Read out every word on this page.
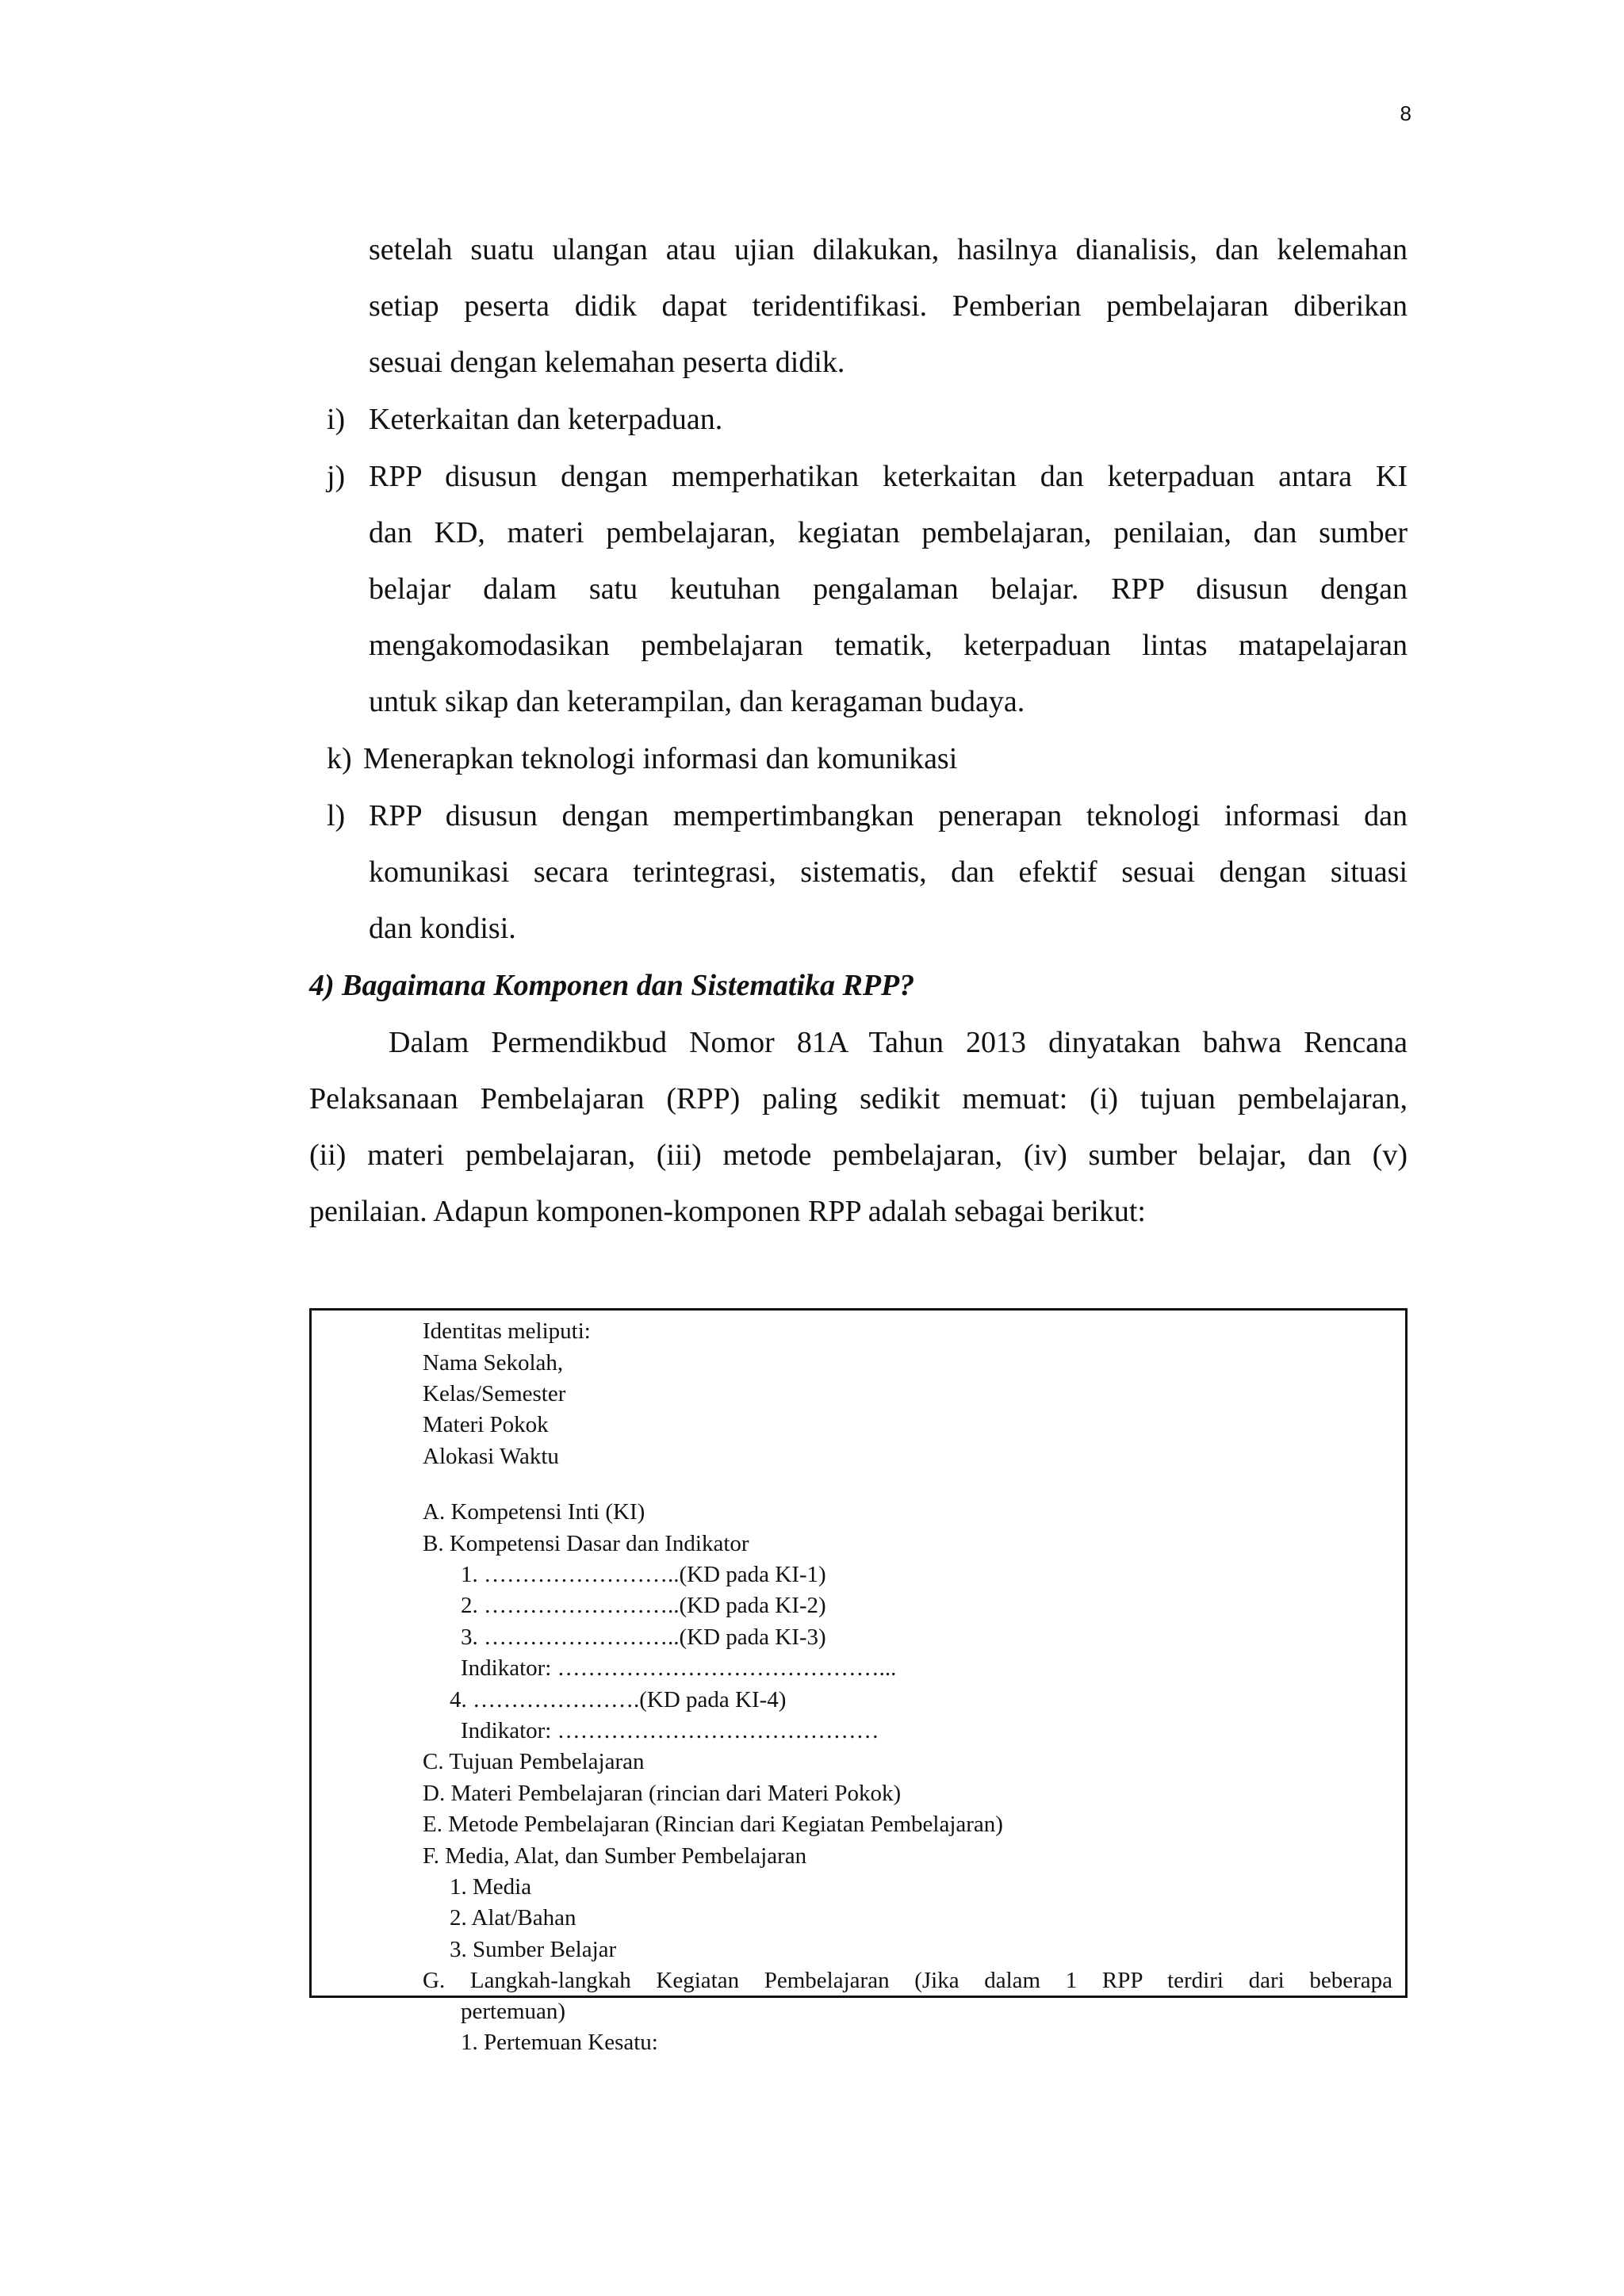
8
setelah suatu ulangan atau ujian dilakukan, hasilnya dianalisis, dan kelemahan
setiap peserta didik dapat teridentifikasi. Pemberian pembelajaran diberikan
sesuai dengan kelemahan peserta didik.
i) Keterkaitan dan keterpaduan.
j) RPP disusun dengan memperhatikan keterkaitan dan keterpaduan antara KI
dan KD, materi pembelajaran, kegiatan pembelajaran, penilaian, dan sumber
belajar dalam satu keutuhan pengalaman belajar. RPP disusun dengan
mengakomodasikan pembelajaran tematik, keterpaduan lintas matapelajaran
untuk sikap dan keterampilan, dan keragaman budaya.
k) Menerapkan teknologi informasi dan komunikasi
l) RPP disusun dengan mempertimbangkan penerapan teknologi informasi dan
komunikasi secara terintegrasi, sistematis, dan efektif sesuai dengan situasi
dan kondisi.
4) Bagaimana Komponen dan Sistematika RPP?
Dalam Permendikbud Nomor 81A Tahun 2013 dinyatakan bahwa Rencana
Pelaksanaan Pembelajaran (RPP) paling sedikit memuat: (i) tujuan pembelajaran,
(ii) materi pembelajaran, (iii) metode pembelajaran, (iv) sumber belajar, dan (v)
penilaian. Adapun komponen-komponen RPP adalah sebagai berikut:
Identitas meliputi:
Nama Sekolah,
Kelas/Semester
Materi Pokok
Alokasi Waktu
A. Kompetensi Inti (KI)
B. Kompetensi Dasar dan Indikator
1. ……………………..(KD pada KI-1)
2. ……………………..(KD pada KI-2)
3. ……………………..(KD pada KI-3)
Indikator: ……………………………………...
4. ………………….(KD pada KI-4)
Indikator: ……………………………………
C. Tujuan Pembelajaran
D. Materi Pembelajaran (rincian dari Materi Pokok)
E. Metode Pembelajaran (Rincian dari Kegiatan Pembelajaran)
F. Media, Alat, dan Sumber Pembelajaran
1. Media
2. Alat/Bahan
3. Sumber Belajar
G. Langkah-langkah Kegiatan Pembelajaran (Jika dalam 1 RPP terdiri dari beberapa
pertemuan)
1. Pertemuan Kesatu:
